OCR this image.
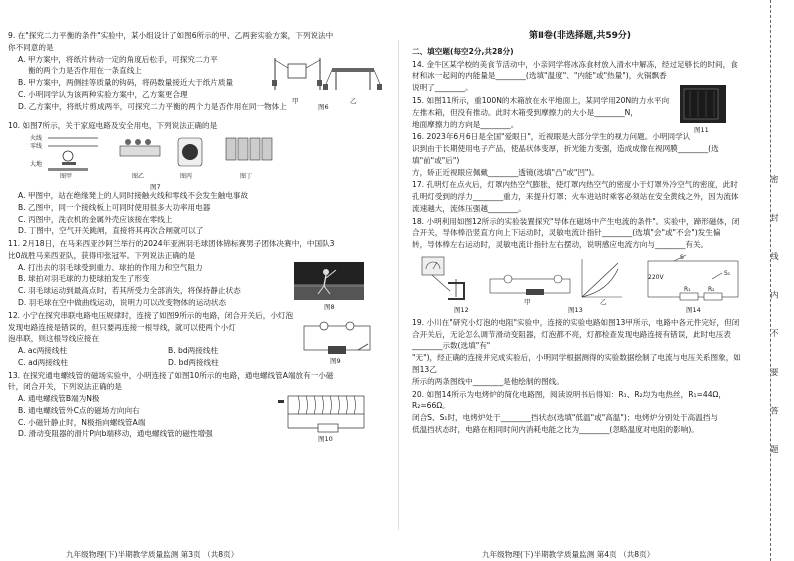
9. 在"探究二力平衡的条件"实验中，某小组设计了如图6所示的甲、乙两套实验方案，下列说法中
你不同意的是
A. 甲方案中，将纸片转动一定的角度后松手，可探究二力平
衡的两个力是否作用在一条直线上
B. 甲方案中，两侧挂等质量的钩码，将码数量接近大于纸片质量
C. 小明同学认为该两种实验方案中，乙方案更合理
D. 乙方案中，将纸片剪成两半，可探究二力平衡的两个力是否作用在同一物体上
甲	乙
图6
10. 如图7所示，关于家庭电路及安全用电，下列说法正确的是
火线
零线
大地
图甲	图乙	图丙	图丁
图7
A. 甲图中，站在绝缘凳上的人同时接触火线和零线不会发生触电事故
B. 乙图中，同一个接线板上可同时使用很多大功率用电器
C. 丙图中，洗衣机的金属外壳应该接在零线上
D. 丁图中，空气开关跳闸，直接将其再次合闸就可以了
11. 2月18日，在马来西亚沙阿兰举行的2024年亚洲羽毛球团体锦标赛男子团体决赛中，中国队3
比0战胜马来西亚队，获得印张冠军。下列说法正确的是
A. 打出去的羽毛球受到重力、球拍的作用力和空气阻力
B. 球拍对羽毛球的力使球拍发生了形变
C. 羽毛球运动到最高点时，若其所受力全部消失，将保持静止状态
D. 羽毛球在空中做曲线运动，说明力可以改变物体的运动状态
图8
12. 小宁在探究串联电路电压规律时，连接了如图9所示的电路，闭合开关后，小灯泡
发现电路连接是错误的，但只要再连接一根导线，就可以使两个小灯
泡串联，则这根导线应接在
A. ac两接线柱	B. bd两接线柱
C. ad两接线柱	D. bd两接线柱	图9
13. 在探究通电螺线管的磁场实验中，小明连接了如图10所示的电路，通电螺线管A端放有一小磁
针，闭合开关，下列说法正确的是
A. 通电螺线管B端为N极
B. 通电螺线管外C点的磁场方向向右
C. 小磁针静止时，N极指向螺线管A端
D. 滑动变阻器的滑片P向b端移动，通电螺线管的磁性增强
图10
九年级物理(下)半期教学质量监测 第3页 （共8页）
第Ⅱ卷(非选择题,共59分)
二、填空题(每空2分,共28分)
14. 金牛区某学校的美食节活动中，小亲同学将冰冻食材放入清水中解冻，经过足够长的时间，食
材和冰一起间的内能量是________(选填"温度"、"内能"或"热量")，火锅飘香
说明了________。
15. 如图11所示，重100N的木箱放在水平地面上，某同学用20N的力水平向
左推木箱，但没有推动。此时木箱受到摩擦力的大小是________N，
地面摩擦力的方向是________。
图11
16. 2023年6月6日是全国"爱眼日"，近视眼是大部分学生的视力问题。小明同学认
识到由于长期使用电子产品，使晶状体变厚，折光能力变强，造成成像在视网膜________(选填"前"或"后")
方，矫正近视眼应佩戴________透镜(选填"凸"或"凹")。
17. 孔明灯在点火后，灯罩内热空气膨胀，使灯罩内热空气的密度小于灯罩外冷空气的密度，此时
孔明灯受到的浮力________重力，来提升灯罩；火车进站时乘客必须站在安全黄线之外，因为流体
流速越大，流体压强越________。
18. 小明利用如图12所示的实验装置探究"导体在磁场中产生电流的条件"。实验中，蹄形磁体，闭
合开关，导体棒沿竖直方向上下运动时，灵敏电流计指针________(选填"会"或"不会")发生偏
转，导体棒左右运动时，灵敏电流计指针左右摆动，说明感应电流方向与________有关。
图12
甲	乙
图13
220V
S
R₁	R₂
S₁
图14
19. 小川在"研究小灯泡的电阻"实验中，连接的实验电路如图13甲所示，电路中各元件完好，但闭
合开关后，无论怎么调节滑动变阻器，灯泡都不亮，灯都检查发现电路连接有错误，此时电压表________示数(选填"有"
"无")，经正确的连接并完成实验后，小明同学根据测得的实验数据绘制了电流与电压关系图象，如图13乙
所示的两条图线中________是他绘制的图线。
20. 如图14所示为电烤炉的简化电路图，阅读说明书后得知：R₁、R₂均为电热丝，R₁=44Ω，R₂=66Ω。
闭合S、S₁时，电烤炉处于________挡状态(选填"低温"或"高温")；电烤炉分别处于高温挡与
低温挡状态时，电路在相同时间内消耗电能之比为________(忽略温度对电阻的影响)。
九年级物理(下)半期教学质量监测 第4页 （共8页）
密 封 线 内 不 要 答 题
